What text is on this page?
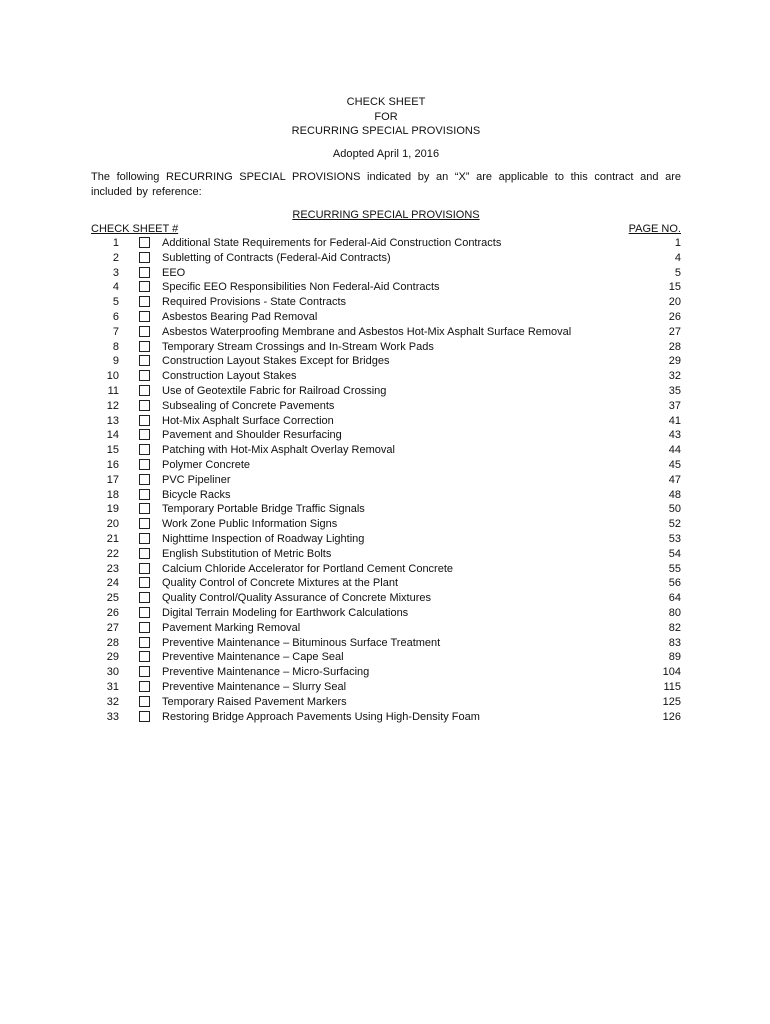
CHECK SHEET
FOR
RECURRING SPECIAL PROVISIONS
Adopted April 1, 2016
The following RECURRING SPECIAL PROVISIONS indicated by an “X” are applicable to this contract and are included by reference:
RECURRING SPECIAL PROVISIONS
CHECK SHEET #	PAGE NO.
1	Additional State Requirements for Federal-Aid Construction Contracts	1
2	Subletting of Contracts (Federal-Aid Contracts)	4
3	EEO	5
4	Specific EEO Responsibilities Non Federal-Aid Contracts	15
5	Required Provisions - State Contracts	20
6	Asbestos Bearing Pad Removal	26
7	Asbestos Waterproofing Membrane and Asbestos Hot-Mix Asphalt Surface Removal	27
8	Temporary Stream Crossings and In-Stream Work Pads	28
9	Construction Layout Stakes Except for Bridges	29
10	Construction Layout Stakes	32
11	Use of Geotextile Fabric for Railroad Crossing	35
12	Subsealing of Concrete Pavements	37
13	Hot-Mix Asphalt Surface Correction	41
14	Pavement and Shoulder Resurfacing	43
15	Patching with Hot-Mix Asphalt Overlay Removal	44
16	Polymer Concrete	45
17	PVC Pipeliner	47
18	Bicycle Racks	48
19	Temporary Portable Bridge Traffic Signals	50
20	Work Zone Public Information Signs	52
21	Nighttime Inspection of Roadway Lighting	53
22	English Substitution of Metric Bolts	54
23	Calcium Chloride Accelerator for Portland Cement Concrete	55
24	Quality Control of Concrete Mixtures at the Plant	56
25	Quality Control/Quality Assurance of Concrete Mixtures	64
26	Digital Terrain Modeling for Earthwork Calculations	80
27	Pavement Marking Removal	82
28	Preventive Maintenance – Bituminous Surface Treatment	83
29	Preventive Maintenance – Cape Seal	89
30	Preventive Maintenance – Micro-Surfacing	104
31	Preventive Maintenance – Slurry Seal	115
32	Temporary Raised Pavement Markers	125
33	Restoring Bridge Approach Pavements Using High-Density Foam	126
